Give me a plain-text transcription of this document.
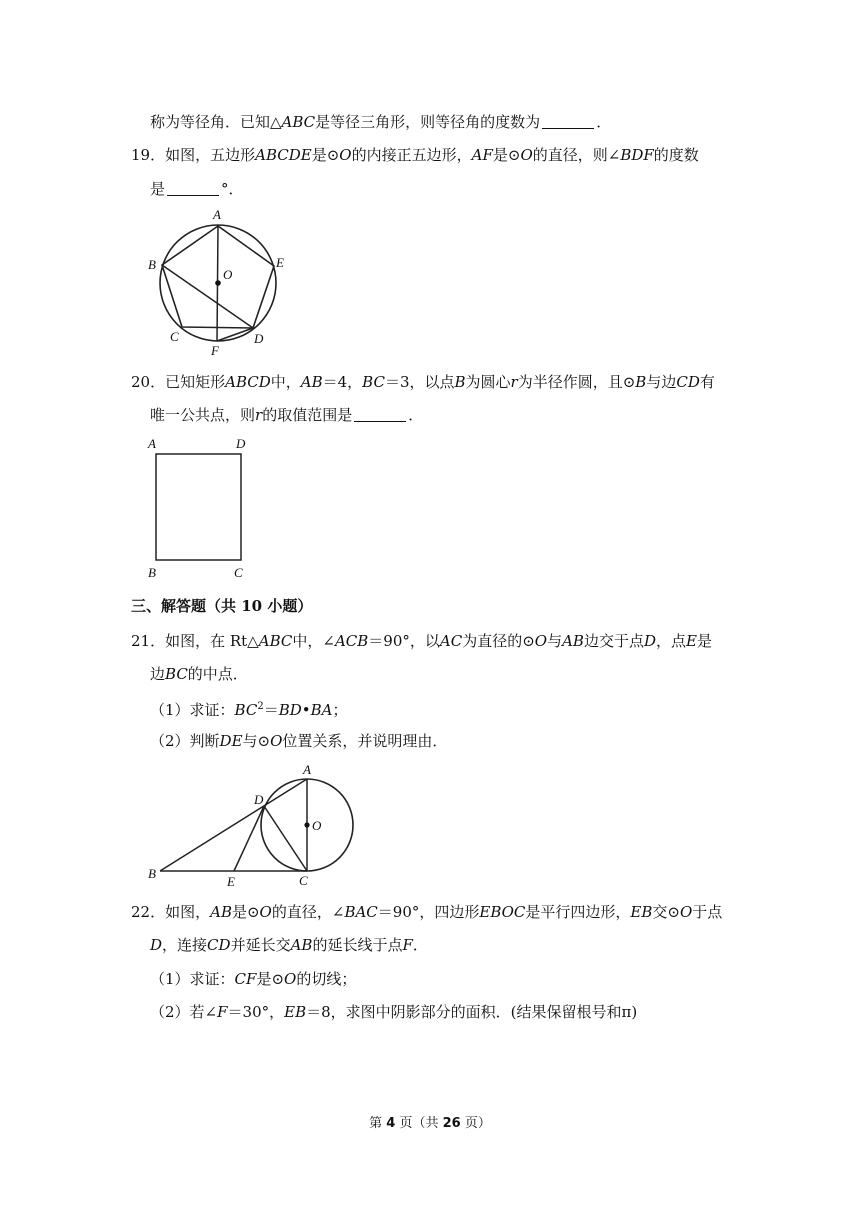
称为等径角．已知△ABC是等径三角形，则等径角的度数为	．
19．如图，五边形ABCDE是⊙O的内接正五边形，AF是⊙O的直径，则∠BDF的度数
是	°．
A
B
C	D
E
F
O
20．已知矩形ABCD中，AB＝4，BC＝3，以点B为圆心r为半径作圆，且⊙B与边CD有
唯一公共点，则r的取值范围是	．
A	D
B	C
三、解答题（共 10 小题）
21．如图，在 Rt△ABC中，∠ACB＝90°，以AC为直径的⊙O与AB边交于点D，点E是
边BC的中点．
（1）求证：$BC^2=BD•BA$；
（2）判断DE与⊙O位置关系，并说明理由．
A
D
O
B
E	C
22．如图，AB是⊙O的直径，∠BAC＝90°，四边形EBOC是平行四边形，EB交⊙O于点
D，连接CD并延长交AB的延长线于点F．
（1）求证：CF是⊙O的切线；
（2）若∠F＝30°，EB＝8，求图中阴影部分的面积．(结果保留根号和π)
第 4 页（共 26 页）
